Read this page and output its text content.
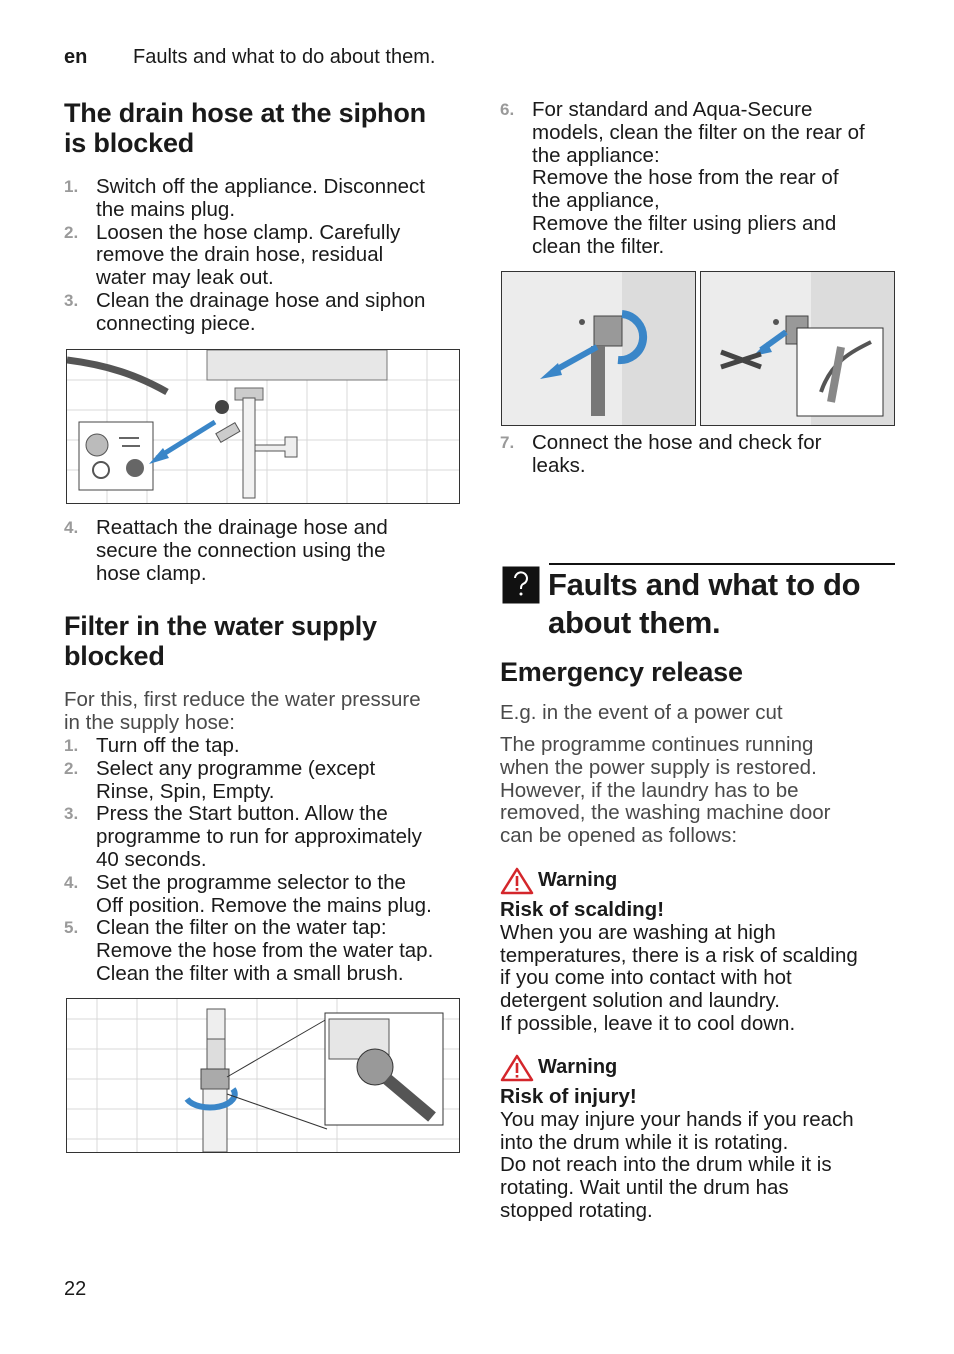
en Faults and what to do about them.
The drain hose at the siphon
is blocked
1 . Switch off the appliance. Disconnect
the mains plug.
2 . Loosen the hose clamp. Carefully
remove the drain hose, residual
water may leak out.
3 . Clean the drainage hose and siphon
connecting piece.
4 . Reattach the drainage hose and
secure the connection using the
hose clamp.
Filter in the water supply
blocked

For this, first reduce the water pressure
in the supply hose:

1 . Turn off the tap.
2 . Select any programme (except
Rinse, Spin, Empty.
3 . Press the Start button. Allow the
programme to run for approximately
40 seconds.
4 . Set the programme selector to the
Off position. Remove the mains plug.
5 . Clean the filter on the water tap:
Remove the hose from the water tap.
Clean the filter with a small brush.
6 . For standard and Aqua-Secure
models, clean the filter on the rear of
the appliance:
Remove the hose from the rear of
the appliance,
Remove the filter using pliers and
clean the filter.
7 . Connect the hose and check for
leaks.
Faults and what to do
about them.
Emergency release

E.g. in the event of a power cut

The programme continues running
when the power supply is restored.
However, if the laundry has to be
removed, the washing machine door
can be opened as follows:

Warning

Risk of scalding!
When you are washing at high
temperatures, there is a risk of scalding
if you come into contact with hot
detergent solution and laundry.
If possible, leave it to cool down.

Warning

Risk of injury!
You may injure your hands if you reach
into the drum while it is rotating.
Do not reach into the drum while it is
rotating. Wait until the drum has
stopped rotating.

22
